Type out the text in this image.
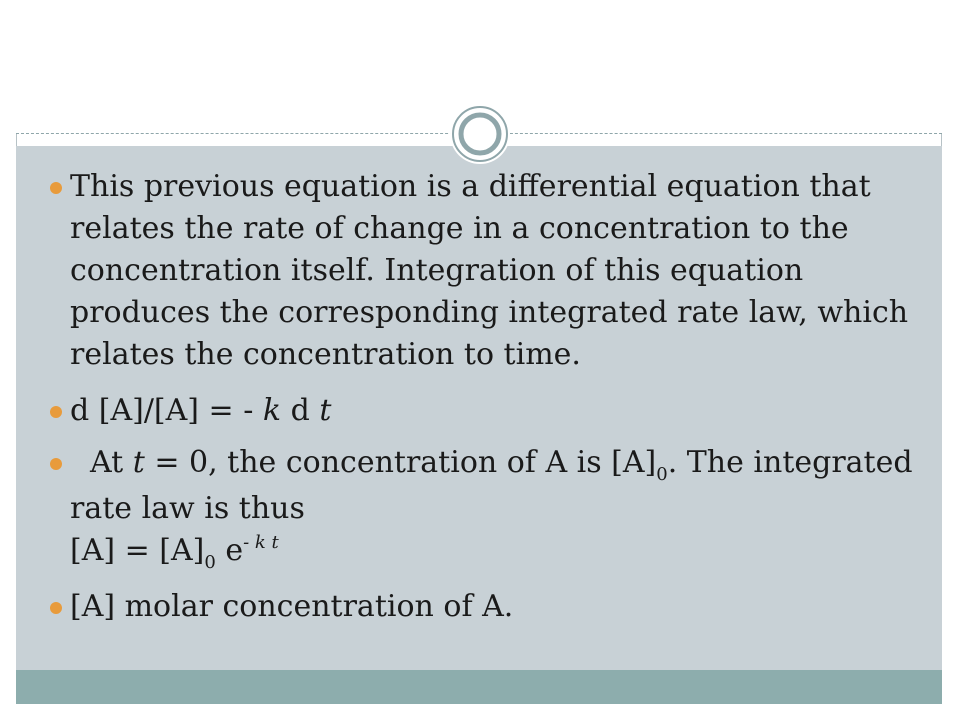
This previous equation is a differential equation that relates the rate of change in a concentration to the concentration itself. Integration of this equation produces the corresponding integrated rate law, which relates the concentration to time.
d [A]/[A] = - k d t
At t = 0, the concentration of A is $[A]_0$. The integrated rate law is thus
$[A] = [A]_0$ $e^{- k t}$
[A] molar concentration of A.
